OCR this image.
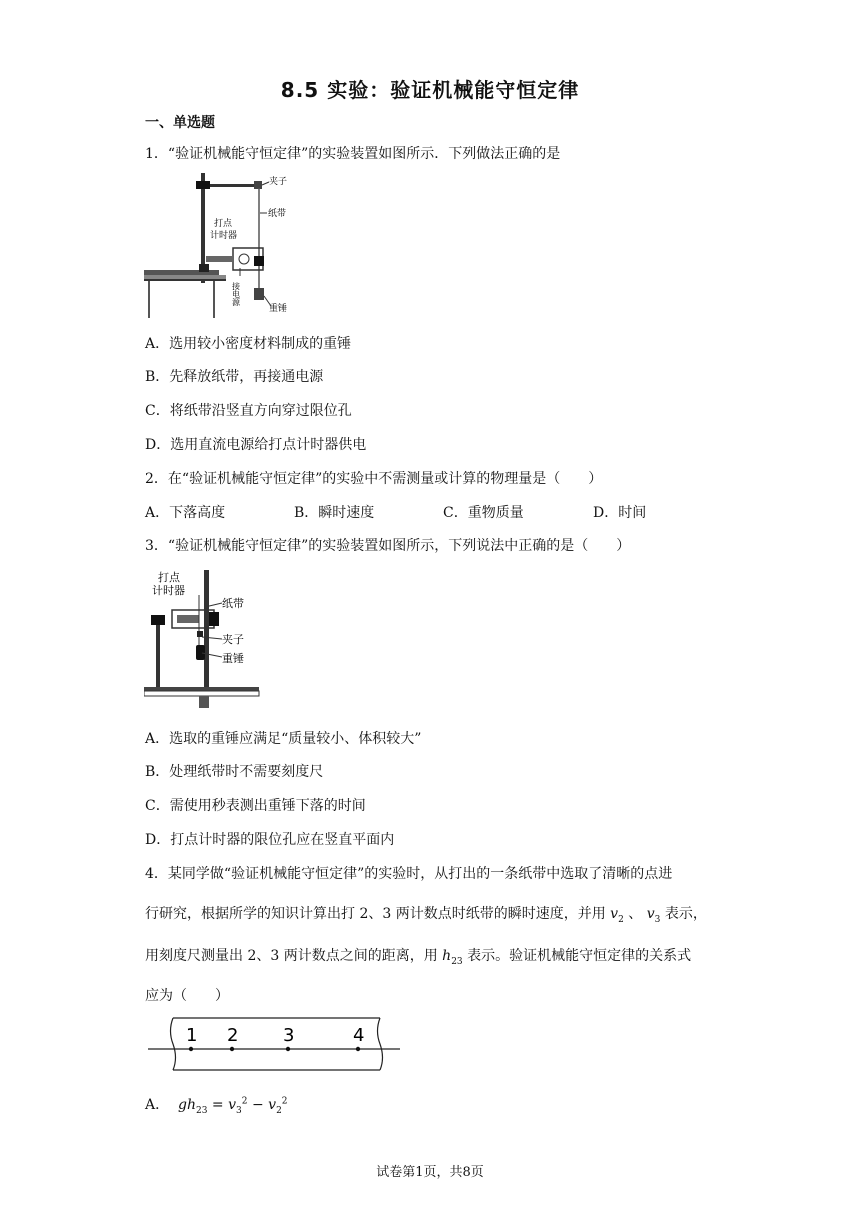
8.5 实验：验证机械能守恒定律
一、单选题
1．“验证机械能守恒定律”的实验装置如图所示．下列做法正确的是
夹子
纸带
打点
计时器
接电源
重锤
A．选用较小密度材料制成的重锤
B．先释放纸带，再接通电源
C．将纸带沿竖直方向穿过限位孔
D．选用直流电源给打点计时器供电
2．在“验证机械能守恒定律”的实验中不需测量或计算的物理量是（　　）
A．下落高度	B．瞬时速度	C．重物质量	D．时间
3．“验证机械能守恒定律”的实验装置如图所示，下列说法中正确的是（　　）
打点
计时器
纸带
夹子
重锤
A．选取的重锤应满足“质量较小、体积较大”
B．处理纸带时不需要刻度尺
C．需使用秒表测出重锤下落的时间
D．打点计时器的限位孔应在竖直平面内
4．某同学做“验证机械能守恒定律”的实验时，从打出的一条纸带中选取了清晰的点进
行研究，根据所学的知识计算出打 2、3 两计数点时纸带的瞬时速度，并用 $v_2$ 、 $v_3$ 表示，
用刻度尺测量出 2、3 两计数点之间的距离，用 $h_{23}$ 表示。验证机械能守恒定律的关系式
应为（　　）
1 2 3	4
A． $gh_{23} = v_3^2 - v_2^2$
试卷第1页，共8页
